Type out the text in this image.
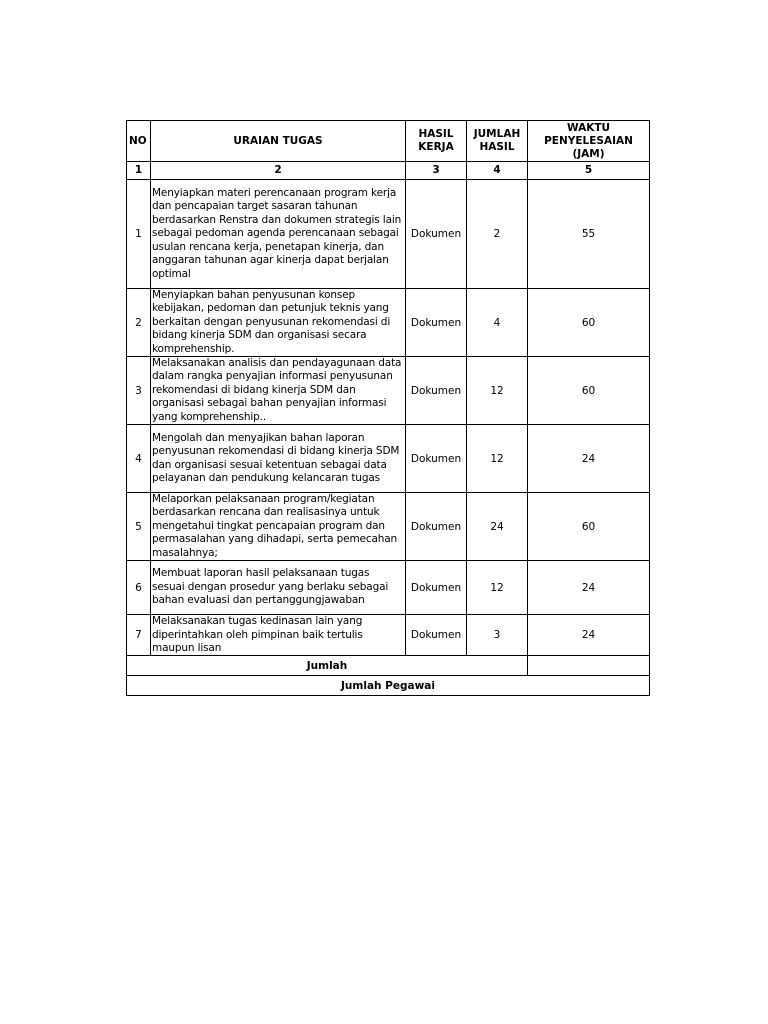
NO	URAIAN TUGAS	HASIL KERJA	JUMLAH HASIL	WAKTU PENYELESAIAN (JAM)
1	2	3	4	5
1	Menyiapkan materi perencanaan program kerja dan pencapaian target sasaran tahunan berdasarkan Renstra dan dokumen strategis lain sebagai pedoman agenda perencanaan sebagai usulan rencana kerja, penetapan kinerja, dan anggaran tahunan agar kinerja dapat berjalan optimal	Dokumen	2	55
2	Menyiapkan bahan penyusunan konsep kebijakan, pedoman dan petunjuk teknis yang berkaitan dengan penyusunan rekomendasi di bidang kinerja SDM dan organisasi secara komprehenship.	Dokumen	4	60
3	Melaksanakan analisis dan pendayagunaan data dalam rangka penyajian informasi penyusunan rekomendasi di bidang kinerja SDM dan organisasi sebagai bahan penyajian informasi yang komprehenship..	Dokumen	12	60
4	Mengolah dan menyajikan bahan laporan penyusunan rekomendasi di bidang kinerja SDM dan organisasi sesuai ketentuan sebagai data pelayanan dan pendukung kelancaran tugas	Dokumen	12	24
5	Melaporkan pelaksanaan program/kegiatan berdasarkan rencana dan realisasinya untuk mengetahui tingkat pencapaian program dan permasalahan yang dihadapi, serta pemecahan masalahnya;	Dokumen	24	60
6	Membuat laporan hasil pelaksanaan tugas sesuai dengan prosedur yang berlaku sebagai bahan evaluasi dan pertanggungjawaban	Dokumen	12	24
7	Melaksanakan tugas kedinasan lain yang diperintahkan oleh pimpinan baik tertulis maupun lisan	Dokumen	3	24
Jumlah				
Jumlah Pegawai				
